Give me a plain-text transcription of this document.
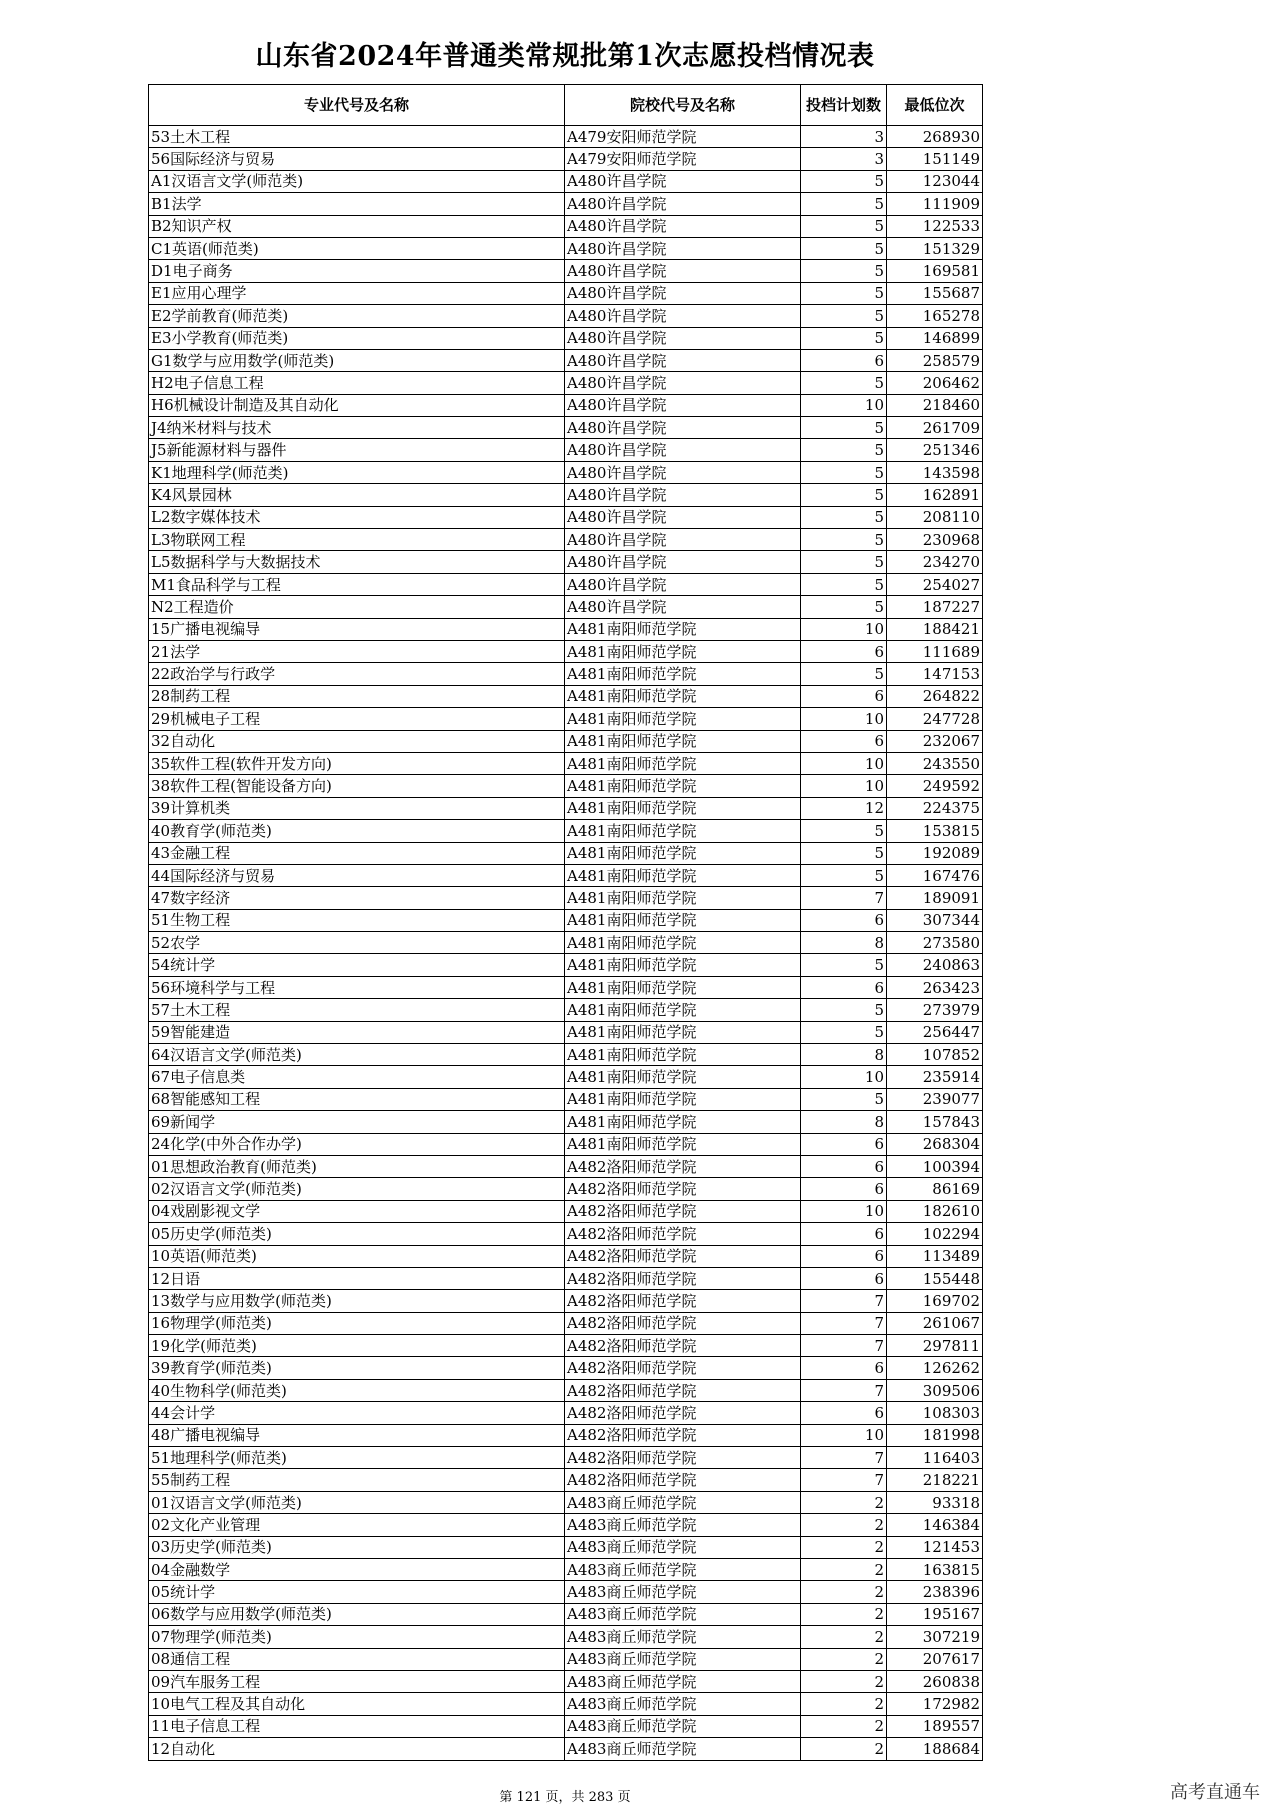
山东省2024年普通类常规批第1次志愿投档情况表
专业代号及名称	院校代号及名称	投档计划数	最低位次
53土木工程	A479安阳师范学院	3	268930
56国际经济与贸易	A479安阳师范学院	3	151149
A1汉语言文学(师范类)	A480许昌学院	5	123044
B1法学	A480许昌学院	5	111909
B2知识产权	A480许昌学院	5	122533
C1英语(师范类)	A480许昌学院	5	151329
D1电子商务	A480许昌学院	5	169581
E1应用心理学	A480许昌学院	5	155687
E2学前教育(师范类)	A480许昌学院	5	165278
E3小学教育(师范类)	A480许昌学院	5	146899
G1数学与应用数学(师范类)	A480许昌学院	6	258579
H2电子信息工程	A480许昌学院	5	206462
H6机械设计制造及其自动化	A480许昌学院	10	218460
J4纳米材料与技术	A480许昌学院	5	261709
J5新能源材料与器件	A480许昌学院	5	251346
K1地理科学(师范类)	A480许昌学院	5	143598
K4风景园林	A480许昌学院	5	162891
L2数字媒体技术	A480许昌学院	5	208110
L3物联网工程	A480许昌学院	5	230968
L5数据科学与大数据技术	A480许昌学院	5	234270
M1食品科学与工程	A480许昌学院	5	254027
N2工程造价	A480许昌学院	5	187227
15广播电视编导	A481南阳师范学院	10	188421
21法学	A481南阳师范学院	6	111689
22政治学与行政学	A481南阳师范学院	5	147153
28制药工程	A481南阳师范学院	6	264822
29机械电子工程	A481南阳师范学院	10	247728
32自动化	A481南阳师范学院	6	232067
35软件工程(软件开发方向)	A481南阳师范学院	10	243550
38软件工程(智能设备方向)	A481南阳师范学院	10	249592
39计算机类	A481南阳师范学院	12	224375
40教育学(师范类)	A481南阳师范学院	5	153815
43金融工程	A481南阳师范学院	5	192089
44国际经济与贸易	A481南阳师范学院	5	167476
47数字经济	A481南阳师范学院	7	189091
51生物工程	A481南阳师范学院	6	307344
52农学	A481南阳师范学院	8	273580
54统计学	A481南阳师范学院	5	240863
56环境科学与工程	A481南阳师范学院	6	263423
57土木工程	A481南阳师范学院	5	273979
59智能建造	A481南阳师范学院	5	256447
64汉语言文学(师范类)	A481南阳师范学院	8	107852
67电子信息类	A481南阳师范学院	10	235914
68智能感知工程	A481南阳师范学院	5	239077
69新闻学	A481南阳师范学院	8	157843
24化学(中外合作办学)	A481南阳师范学院	6	268304
01思想政治教育(师范类)	A482洛阳师范学院	6	100394
02汉语言文学(师范类)	A482洛阳师范学院	6	86169
04戏剧影视文学	A482洛阳师范学院	10	182610
05历史学(师范类)	A482洛阳师范学院	6	102294
10英语(师范类)	A482洛阳师范学院	6	113489
12日语	A482洛阳师范学院	6	155448
13数学与应用数学(师范类)	A482洛阳师范学院	7	169702
16物理学(师范类)	A482洛阳师范学院	7	261067
19化学(师范类)	A482洛阳师范学院	7	297811
39教育学(师范类)	A482洛阳师范学院	6	126262
40生物科学(师范类)	A482洛阳师范学院	7	309506
44会计学	A482洛阳师范学院	6	108303
48广播电视编导	A482洛阳师范学院	10	181998
51地理科学(师范类)	A482洛阳师范学院	7	116403
55制药工程	A482洛阳师范学院	7	218221
01汉语言文学(师范类)	A483商丘师范学院	2	93318
02文化产业管理	A483商丘师范学院	2	146384
03历史学(师范类)	A483商丘师范学院	2	121453
04金融数学	A483商丘师范学院	2	163815
05统计学	A483商丘师范学院	2	238396
06数学与应用数学(师范类)	A483商丘师范学院	2	195167
07物理学(师范类)	A483商丘师范学院	2	307219
08通信工程	A483商丘师范学院	2	207617
09汽车服务工程	A483商丘师范学院	2	260838
10电气工程及其自动化	A483商丘师范学院	2	172982
11电子信息工程	A483商丘师范学院	2	189557
12自动化	A483商丘师范学院	2	188684
第 121 页，共 283 页	高考直通车
